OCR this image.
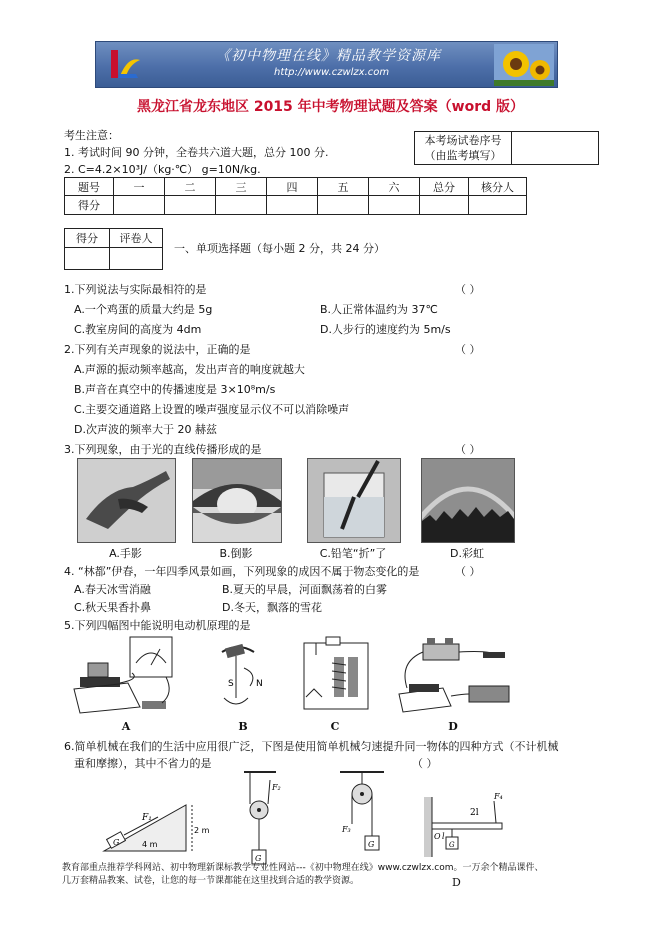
《初中物理在线》精品教学资源库
http://www.czwlzx.com
黑龙江省龙东地区 2015 年中考物理试题及答案（word 版）
考生注意：
1. 考试时间 90 分钟，全卷共六道大题，总分 100 分.
2. C=4.2×10³J/（kg·℃） g=10N/kg.
本考场试卷序号
（由监考填写）

题号	一	二	三	四	五	六	总分	核分人
得分								
得分	评卷人

一、单项选择题（每小题 2 分，共 24 分）
1.下列说法与实际最相符的是	（ ）
A.一个鸡蛋的质量大约是 5g	B.人正常体温约为 37℃
C.教室房间的高度为 4dm	D.人步行的速度约为 5m/s
2.下列有关声现象的说法中，正确的是	（ ）
A.声源的振动频率越高，发出声音的响度就越大
B.声音在真空中的传播速度是 3×10⁸m/s
C.主要交通道路上设置的噪声强度显示仪不可以消除噪声
D.次声波的频率大于 20 赫兹
3.下列现象，由于光的直线传播形成的是	（ ）
A.手影	B.倒影	C.铅笔“折”了	D.彩虹
4. “林都”伊春，一年四季风景如画，下列现象的成因不属于物态变化的是	（ ）
A.春天冰雪消融	B.夏天的早晨，河面飘荡着的白雾
C.秋天果香扑鼻	D.冬天，飘落的雪花
5.下列四幅图中能说明电动机原理的是
S N
A	B	C	D
6.简单机械在我们的生活中应用很广泛，下图是使用简单机械匀速提升同一物体的四种方式（不计机械
重和摩擦），其中不省力的是	（ ）
G
F₁
4 m
2 m
F₂
G
F₃
G
2l
F₄
O l
G
教育部重点推荐学科网站、初中物理新课标教学专业性网站---《初中物理在线》www.czwlzx.com。一万余个精品课件、
几万套精品教案、试卷，让您的每一节课都能在这里找到合适的教学资源。	D
